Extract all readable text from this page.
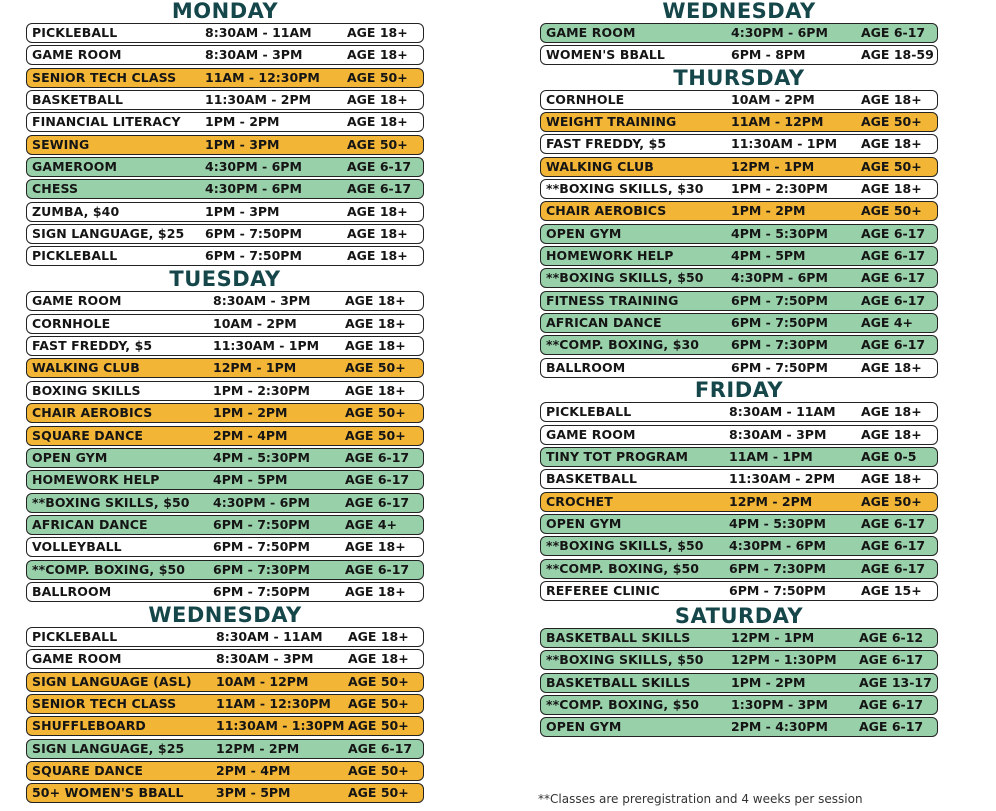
MONDAY
PICKLEBALL	8:30AM - 11AM	AGE 18+
GAME ROOM	8:30AM - 3PM	AGE 18+
SENIOR TECH CLASS 11AM - 12:30PM AGE 50+
BASKETBALL	11:30AM - 2PM	AGE 18+
FINANCIAL LITERACY 1PM - 2PM	AGE 18+
SEWING	1PM - 3PM	AGE 50+
GAMEROOM	4:30PM - 6PM	AGE 6-17
CHESS	4:30PM - 6PM	AGE 6-17
ZUMBA, $40	1PM - 3PM	AGE 18+
SIGN LANGUAGE, $25 6PM - 7:50PM	AGE 18+
PICKLEBALL	6PM - 7:50PM	AGE 18+
TUESDAY
GAME ROOM	8:30AM - 3PM	AGE 18+
CORNHOLE	10AM - 2PM	AGE 18+
FAST FREDDY, $5	11:30AM - 1PM AGE 18+
WALKING CLUB	12PM - 1PM	AGE 50+
BOXING SKILLS	1PM - 2:30PM	AGE 18+
CHAIR AEROBICS	1PM - 2PM	AGE 50+
SQUARE DANCE	2PM - 4PM	AGE 50+
OPEN GYM	4PM - 5:30PM	AGE 6-17
HOMEWORK HELP	4PM - 5PM	AGE 6-17
**BOXING SKILLS, $50 4:30PM - 6PM	AGE 6-17
AFRICAN DANCE	6PM - 7:50PM	AGE 4+
VOLLEYBALL	6PM - 7:50PM	AGE 18+
**COMP. BOXING, $50 6PM - 7:30PM	AGE 6-17
BALLROOM	6PM - 7:50PM	AGE 18+
WEDNESDAY
PICKLEBALL	8:30AM - 11AM AGE 18+
GAME ROOM	8:30AM - 3PM	AGE 18+
SIGN LANGUAGE (ASL) 10AM - 12PM	AGE 50+
SENIOR TECH CLASS	11AM - 12:30PM AGE 50+
SHUFFLEBOARD	11:30AM - 1:30PM AGE 50+
SIGN LANGUAGE, $25	12PM - 2PM	AGE 6-17
SQUARE DANCE	2PM - 4PM	AGE 50+
50+ WOMEN'S BBALL	3PM - 5PM	AGE 50+
WEDNESDAY
GAME ROOM	4:30PM - 6PM	AGE 6-17
WOMEN'S BBALL	6PM - 8PM	AGE 18-59
THURSDAY
CORNHOLE	10AM - 2PM	AGE 18+
WEIGHT TRAINING	11AM - 12PM	AGE 50+
FAST FREDDY, $5	11:30AM - 1PM AGE 18+
WALKING CLUB	12PM - 1PM	AGE 50+
**BOXING SKILLS, $30 1PM - 2:30PM	AGE 18+
CHAIR AEROBICS	1PM - 2PM	AGE 50+
OPEN GYM	4PM - 5:30PM	AGE 6-17
HOMEWORK HELP	4PM - 5PM	AGE 6-17
**BOXING SKILLS, $50 4:30PM - 6PM	AGE 6-17
FITNESS TRAINING	6PM - 7:50PM	AGE 6-17
AFRICAN DANCE	6PM - 7:50PM	AGE 4+
**COMP. BOXING, $30	6PM - 7:30PM	AGE 6-17
BALLROOM	6PM - 7:50PM	AGE 18+
FRIDAY
PICKLEBALL	8:30AM - 11AM AGE 18+
GAME ROOM	8:30AM - 3PM	AGE 18+
TINY TOT PROGRAM	11AM - 1PM	AGE 0-5
BASKETBALL	11:30AM - 2PM AGE 18+
CROCHET	12PM - 2PM	AGE 50+
OPEN GYM	4PM - 5:30PM	AGE 6-17
**BOXING SKILLS, $50 4:30PM - 6PM	AGE 6-17
**COMP. BOXING, $50 6PM - 7:30PM	AGE 6-17
REFEREE CLINIC	6PM - 7:50PM	AGE 15+
SATURDAY
BASKETBALL SKILLS	12PM - 1PM	AGE 6-12
**BOXING SKILLS, $50 12PM - 1:30PM AGE 6-17
BASKETBALL SKILLS	1PM - 2PM	AGE 13-17
**COMP. BOXING, $50	1:30PM - 3PM AGE 6-17
OPEN GYM	2PM - 4:30PM AGE 6-17
**Classes are preregistration and 4 weeks per session
